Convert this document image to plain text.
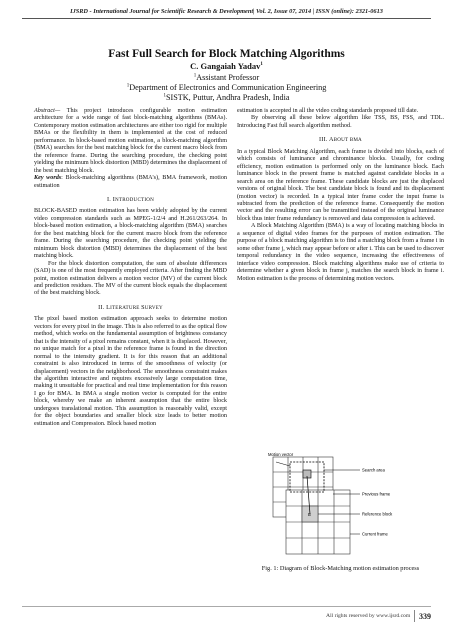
IJSRD - International Journal for Scientific Research & Development| Vol. 2, Issue 07, 2014 | ISSN (online): 2321-0613
Fast Full Search for Block Matching Algorithms
C. Gangaiah Yadav$^1$
$^1$Assistant Professor
$^1$Department of Electronics and Communication Engineering
$^1$SISTK, Puttur, Andhra Pradesh, India

Abstract— This project introduces configurable motion estimation architecture for a wide range of fast block-matching algorithms (BMAs). Contemporary motion estimation architectures are either too rigid for multiple BMAs or the flexibility in them is implemented at the cost of reduced performance. In block-based motion estimation, a block-matching algorithm (BMA) searches for the best matching block for the current macro block from the reference frame. During the searching procedure, the checking point yielding the minimum block distortion (MBD) determines the displacement of the best matching block.

Key words: Block-matching algorithms (BMA's), BMA framework, motion estimation

I. INTRODUCTION

BLOCK-BASED motion estimation has been widely adopted by the current video compression standards such as MPEG-1/2/4 and H.261/263/264. In block-based motion estimation, a block-matching algorithm (BMA) searches for the best matching block for the current macro block from the reference frame. During the searching procedure, the checking point yielding the minimum block distortion (MBD) determines the displacement of the best matching block.

For the block distortion computation, the sum of absolute differences (SAD) is one of the most frequently employed criteria. After finding the MBD point, motion estimation delivers a motion vector (MV) of the current block and prediction residues. The MV of the current block equals the displacement of the best matching block.

II. LITERATURE SURVEY

The pixel based motion estimation approach seeks to determine motion vectors for every pixel in the image. This is also referred to as the optical flow method, which works on the fundamental assumption of brightness constancy that is the intensity of a pixel remains constant, when it is displaced. However, no unique match for a pixel in the reference frame is found in the direction normal to the intensity gradient. It is for this reason that an additional constraint is also introduced in terms of the smoothness of velocity (or displacement) vectors in the neighborhood. The smoothness constraint makes the algorithm interactive and requires excessively large computation time, making it unsuitable for practical and real time implementation for this reason I go for BMA. In BMA a single motion vector is computed for the entire block, whereby we make an inherent assumption that the entire block undergoes translational motion. This assumption is reasonably valid, except for the object boundaries and smaller block size leads to better motion estimation and Compression. Block based motion

estimation is accepted in all the video coding standards proposed till date.

By observing all these below algorithm like TSS, BS, FSS, and TDL. Introducing Fast full search algorithm method.

III. ABOUT BMA

In a typical Block Matching Algorithm, each frame is divided into blocks, each of which consists of luminance and chrominance blocks. Usually, for coding efficiency, motion estimation is performed only on the luminance block. Each luminance block in the present frame is matched against candidate blocks in a search area on the reference frame. These candidate blocks are just the displaced versions of original block. The best candidate block is found and its displacement (motion vector) is recorded. In a typical inter frame coder the input frame is subtracted from the prediction of the reference frame. Consequently the motion vector and the resulting error can be transmitted instead of the original luminance block thus inter frame redundancy is removed and data compression is achieved.

A Block Matching Algorithm (BMA) is a way of locating matching blocks in a sequence of digital video frames for the purposes of motion estimation. The purpose of a block matching algorithm is to find a matching block from a frame i in some other frame j, which may appear before or after i. This can be used to discover temporal redundancy in the video sequence, increasing the effectiveness of interface video compression. Block matching algorithms make use of criteria to determine whether a given block in frame j, matches the search block in frame i. Motion estimation is the process of determining motion vectors.

Motion vector
Search area
Previous frame
Reference block
Current frame
B
Fig. 1: Diagram of Block-Matching motion estimation process
All rights reserved by www.ijsrd.com 339
